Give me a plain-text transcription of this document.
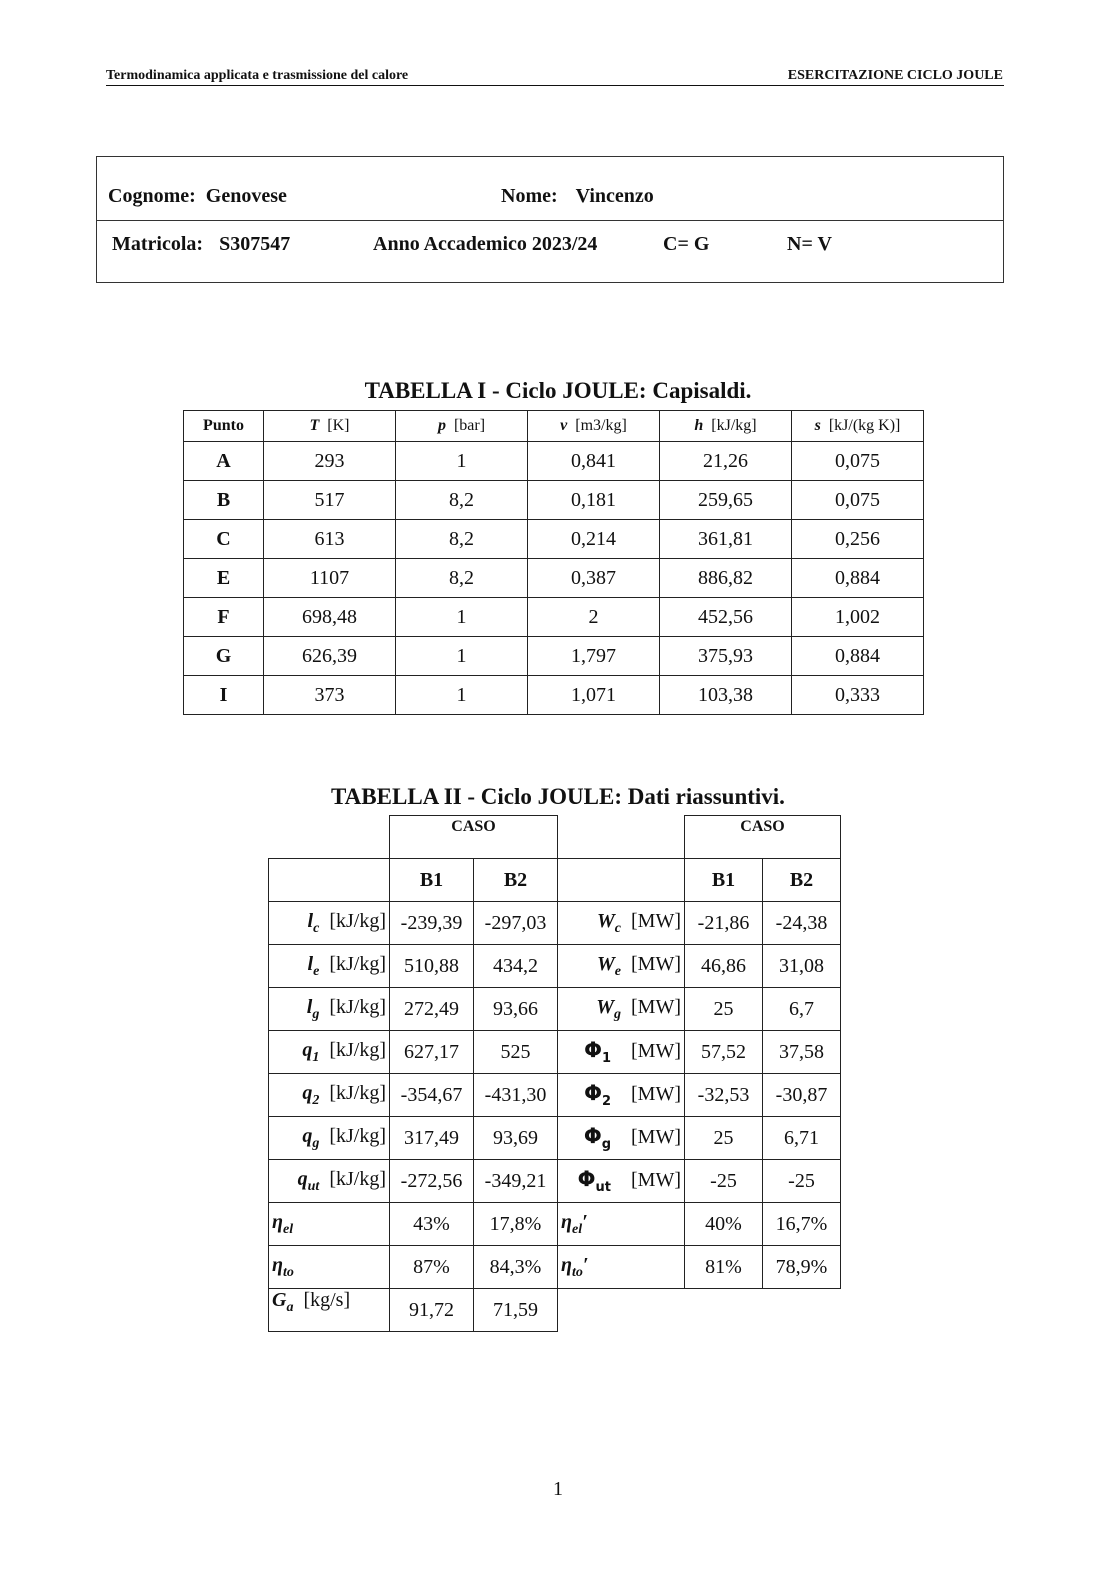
Termodinamica applicata e trasmissione del calore	ESERCITAZIONE CICLO JOULE
Cognome: Genovese	Nome: Vincenzo
Matricola: S307547	Anno Accademico 2023/24	C= G	N= V
TABELLA I - Ciclo JOULE: Capisaldi.
Punto	T [K]	p [bar]	v [m3/kg]	h [kJ/kg]	s [kJ/(kg K)]
A	293	1	0,841	21,26	0,075
B	517	8,2	0,181	259,65	0,075
C	613	8,2	0,214	361,81	0,256
E	1107	8,2	0,387	886,82	0,884
F	698,48	1	2	452,56	1,002
G	626,39	1	1,797	375,93	0,884
I	373	1	1,071	103,38	0,333
TABELLA II - Ciclo JOULE: Dati riassuntivi.
	CASO			CASO	
	B1	B2		B1	B2
$l_c$ [kJ/kg]	-239,39	-297,03	$W_c$ [MW]	-21,86	-24,38
$l_e$ [kJ/kg]	510,88	434,2	$W_e$ [MW]	46,86	31,08
$l_g$ [kJ/kg]	272,49	93,66	$W_g$ [MW]	25	6,7
$q_1$ [kJ/kg]	627,17	525	$\Phi_1$ [MW]	57,52	37,58
$q_2$ [kJ/kg]	-354,67	-431,30	$\Phi_2$ [MW]	-32,53	-30,87
$q_g$ [kJ/kg]	317,49	93,69	$\Phi_g$ [MW]	25	6,71
$q_{ut}$ [kJ/kg]	-272,56	-349,21	$\Phi_{ut}$ [MW]	-25	-25
$\eta_{el}$	43%	17,8%	$\eta_{el}'$	40%	16,7%
$\eta_{to}$	87%	84,3%	$\eta_{to}'$	81%	78,9%
$G_a$ [kg/s]	91,72	71,59			
1
